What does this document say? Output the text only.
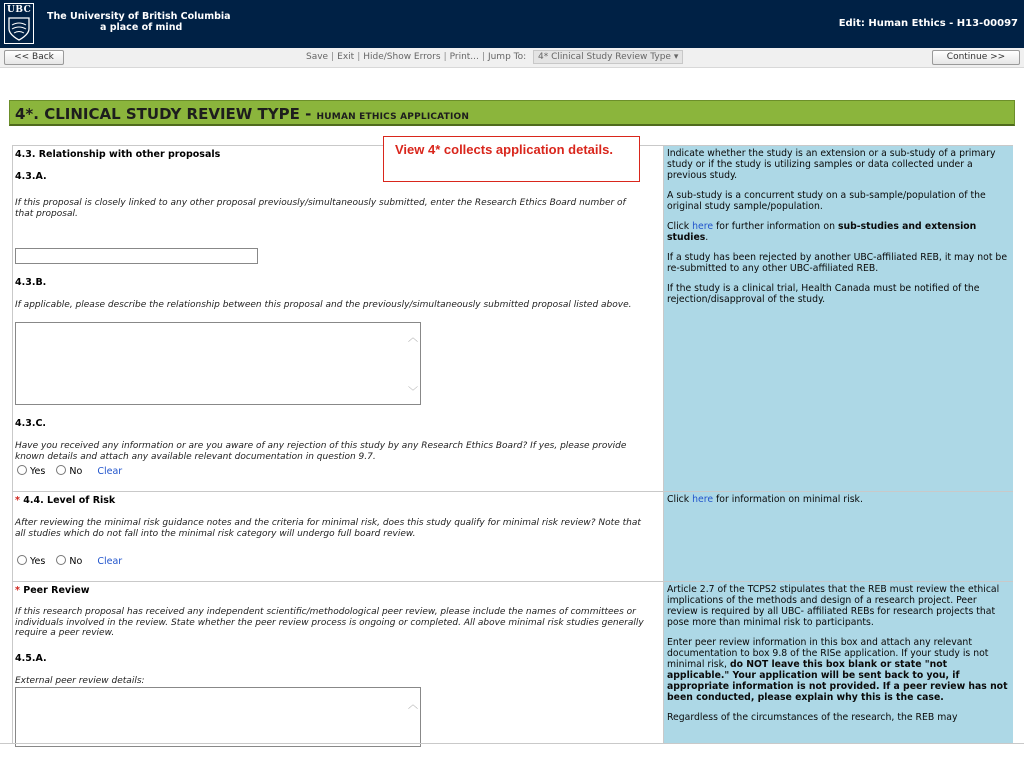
UBC
The University of British Columbia
a place of mind	Edit: Human Ethics - H13-00097
<< Back	Save | Exit | Hide/Show Errors | Print... | Jump To: 4* Clinical Study Review Type ▾	Continue >>
4*. CLINICAL STUDY REVIEW TYPE - HUMAN ETHICS APPLICATION
4.3. Relationship with other proposals
4.3.A.
If this proposal is closely linked to any other proposal previously/simultaneously submitted, enter the Research Ethics Board number of that proposal.
4.3.B.
If applicable, please describe the relationship between this proposal and the previously/simultaneously submitted proposal listed above.
︿
﹀
4.3.C.
Have you received any information or are you aware of any rejection of this study by any Research Ethics Board? If yes, please provide known details and attach any available relevant documentation in question 9.7.
Yes	No Clear

Indicate whether the study is an extension or a sub-study of a primary study or if the study is utilizing samples or data collected under a previous study.

A sub-study is a concurrent study on a sub-sample/population of the original study sample/population.

Click here for further information on sub-studies and extension studies.

If a study has been rejected by another UBC-affiliated REB, it may not be re-submitted to any other UBC-affiliated REB.

If the study is a clinical trial, Health Canada must be notified of the rejection/disapproval of the study.

* 4.4. Level of Risk
After reviewing the minimal risk guidance notes and the criteria for minimal risk, does this study qualify for minimal risk review? Note that all studies which do not fall into the minimal risk category will undergo full board review.
Yes	No Clear

Click here for information on minimal risk.

* Peer Review
If this research proposal has received any independent scientific/methodological peer review, please include the names of committees or individuals involved in the review. State whether the peer review process is ongoing or completed. All above minimal risk studies generally require a peer review.
4.5.A.
External peer review details:
︿

Article 2.7 of the TCPS2 stipulates that the REB must review the ethical implications of the methods and design of a research project. Peer review is required by all UBC- affiliated REBs for research projects that pose more than minimal risk to participants.

Enter peer review information in this box and attach any relevant documentation to box 9.8 of the RISe application. If your study is not minimal risk, do NOT leave this box blank or state "not applicable." Your application will be sent back to you, if appropriate information is not provided. If a peer review has not been conducted, please explain why this is the case.

Regardless of the circumstances of the research, the REB may

View 4* collects application details.
